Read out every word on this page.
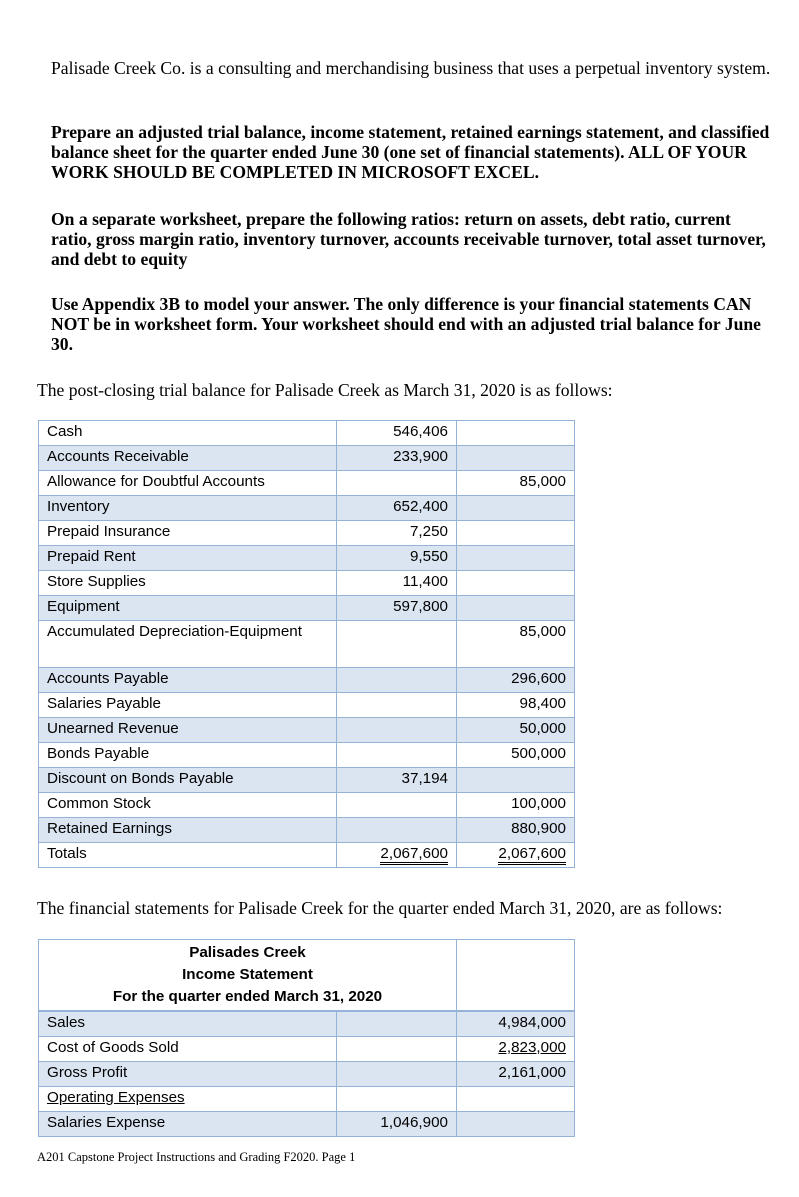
Palisade Creek Co. is a consulting and merchandising business that uses a perpetual inventory system.
Prepare an adjusted trial balance, income statement, retained earnings statement, and classified balance sheet for the quarter ended June 30 (one set of financial statements). ALL OF YOUR WORK SHOULD BE COMPLETED IN MICROSOFT EXCEL.
On a separate worksheet, prepare the following ratios: return on assets, debt ratio, current ratio, gross margin ratio, inventory turnover, accounts receivable turnover, total asset turnover, and debt to equity
Use Appendix 3B to model your answer. The only difference is your financial statements CAN NOT be in worksheet form. Your worksheet should end with an adjusted trial balance for June 30.
The post-closing trial balance for Palisade Creek as March 31, 2020 is as follows:
Cash	546,406	
Accounts Receivable	233,900	
Allowance for Doubtful Accounts		85,000
Inventory	652,400	
Prepaid Insurance	7,250	
Prepaid Rent	9,550	
Store Supplies	11,400	
Equipment	597,800	
Accumulated Depreciation-Equipment		85,000
Accounts Payable		296,600
Salaries Payable		98,400
Unearned Revenue		50,000
Bonds Payable		500,000
Discount on Bonds Payable	37,194	
Common Stock		100,000
Retained Earnings		880,900
Totals	2,067,600	2,067,600
The financial statements for Palisade Creek for the quarter ended March 31, 2020, are as follows:
Palisades Creek
Income Statement
For the quarter ended March 31, 2020		

Sales		4,984,000
Cost of Goods Sold		2,823,000
Gross Profit		2,161,000
Operating Expenses		
Salaries Expense	1,046,900	
A201 Capstone Project Instructions and Grading F2020. Page 1
